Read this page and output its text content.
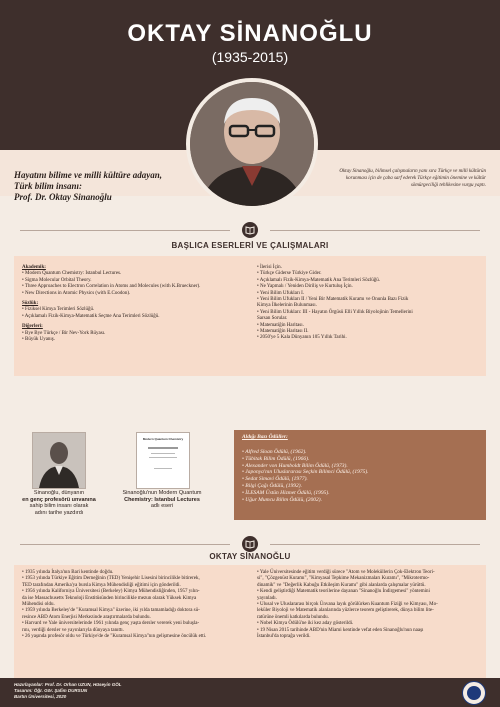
OKTAY SİNANOĞLU
(1935-2015)
Hayatını bilime ve milli kültüre adayan,
Türk bilim insanı:
Prof. Dr. Oktay Sinanoğlu
Oktay Sinanoğlu, bilimsel çalışmaların yanı sıra Türkçe ve milli kültürün korunması için de çaba sarf ederek Türkçe eğitimin önemine ve kültür sömürgeciliği tehlikesine vurgu yaptı.
BAŞLICA ESERLERİ VE ÇALIŞMALARI
Akademik:
• Modern Quantum Chemistry: Istanbul Lectures.
• Sigma Molecular Orbital Theory.
• Three Approaches to Electron Correlation in Atoms and Molecules (with K.Brueckner).
• New Directions in Atomic Physics (with E.Coodon).
Sözlük:
• Fiziksel Kimya Terimleri Sözlüğü.
• Açıklamalı Fizik-Kimya-Matematik Seçme Ana Terimleri Sözlüğü.
Diğerleri:
• Bye Bye Türkçe / Bir Nev-York Rüyası.
• Büyük Uyanış.
• İlerisi İçin.
• Türkçe Giderse Türkiye Gider.
• Açıklamalı Fizik-Kimya-Matematik Ana Terimleri Sözlüğü.
• Ne Yapmalı / Yeniden Diriliş ve Kurtuluş İçin.
• Yeni Bilim Ufukları I.
• Yeni Bilim Ufukları II / Yeni Bir Matematik Kuramı ve Onunla Bazı Fizik
Kimya İlkelerinin Bulunması.
• Yeni Bilim Ufukları: III - Hayatın Örgüsü Elli Yıllık Biyolojinin Temellerini
Sarsan Sorular.
• Matematiğin Haritası.
• Matematiğin Haritası II.
• 2050'ye 5 Kala Dünyanın 105 Yıllık Tarihi.
Sinanoğlu, dünyanın
en genç profesörü unvanına
sahip bilim insanı olarak
adını tarihe yazdırdı
Modern Quantum Chemistry
Sinanoğlu'nun Modern Quantum
Chemistry: Istanbul Lectures
adlı eseri
Aldığı Bazı Ödüller:
• Alfred Sloan Ödülü, (1962).
• Tübitak Bilim Ödülü, (1966).
• Alexander von Humboldt Bilim Ödülü, (1973).
• Japonya'nın Uluslararası Seçkin Bilimci Ödülü, (1975).
• Sedat Simavi Ödülü, (1977).
• Bilgi Çağı Ödülü, (1992).
• İLESAM Üstün Hizmet Ödülü, (1995).
• Uğur Mumcu Bilim Ödülü, (2002).
OKTAY SİNANOĞLU
• 1935 yılında İtalya'nın Bari kentinde doğdu.
• 1953 yılında Türkiye Eğitim Derneğinin (TED) Yenişehir Lisesini birincilikle bitirerek,
TED tarafından Amerika'ya bursla Kimya Mühendisliği eğitimi için gönderildi.
• 1956 yılında Kaliforniya Üniversitesi (Berkeley) Kimya Mühendisliğinden, 1957 yılın-
da ise Massachusetts Teknoloji Enstitüsünden birincilikle mezun olarak Yüksek Kimya
Mühendisi oldu.
• 1959 yılında Berkeley'de "Kuramsal Kimya" üzerine, iki yılda tamamladığı doktora sü-
resince ABD Atom Enerjisi Merkezinde araştırmalarda bulundu.
• Harvard ve Yale üniversitelerinde 1961 yılında genç yaşta dersler vererek yeni buluşla-
rını, verdiği dersler ve yayınlarıyla dünyaya tanıttı.
• 26 yaşında profesör oldu ve Türkiye'de de "Kuramsal Kimya"nın gelişmesine öncülük etti.
• Yale Üniversitesinde eğitim verdiği sürece "Atom ve Moleküllerin Çok-Elektron Teori-
si", "Çözgenüst Kuramı", "Kimyasal Tepkime Mekanizmaları Kuramı", "Mikrotermo-
dinamik" ve "Değerlik Kabuğu Etkileşim Kuramı" gibi alanlarda çalışmalar yürüttü.
• Kendi geliştirdiği Matematik teorilerine dayanan "Sinanoğlu İndirgemesi" yöntemini
yayınladı.
• Ulusal ve Uluslararası birçok Ünvana layık görülürken Kuantum Fiziği ve Kimyası, Mo-
leküler Biyoloji ve Matematik alanlarında yüzlerce teorem geliştirerek, dünya bilim lite-
ratürüne önemli katkılarda bulundu.
• Nobel Kimya Ödülü'ne iki kez aday gösterildi.
• 19 Nisan 2015 tarihinde ABD'nin Miami kentinde vefat eden Sinanoğlu'nun naaşı
İstanbul'da toprağa verildi.
Hazırlayanlar: Prof. Dr. Orhan UZUN, Hüseyin GÖL
Tasarım: Öğr. Gör. Şafim DURSUN
Bartın Üniversitesi, 2020
